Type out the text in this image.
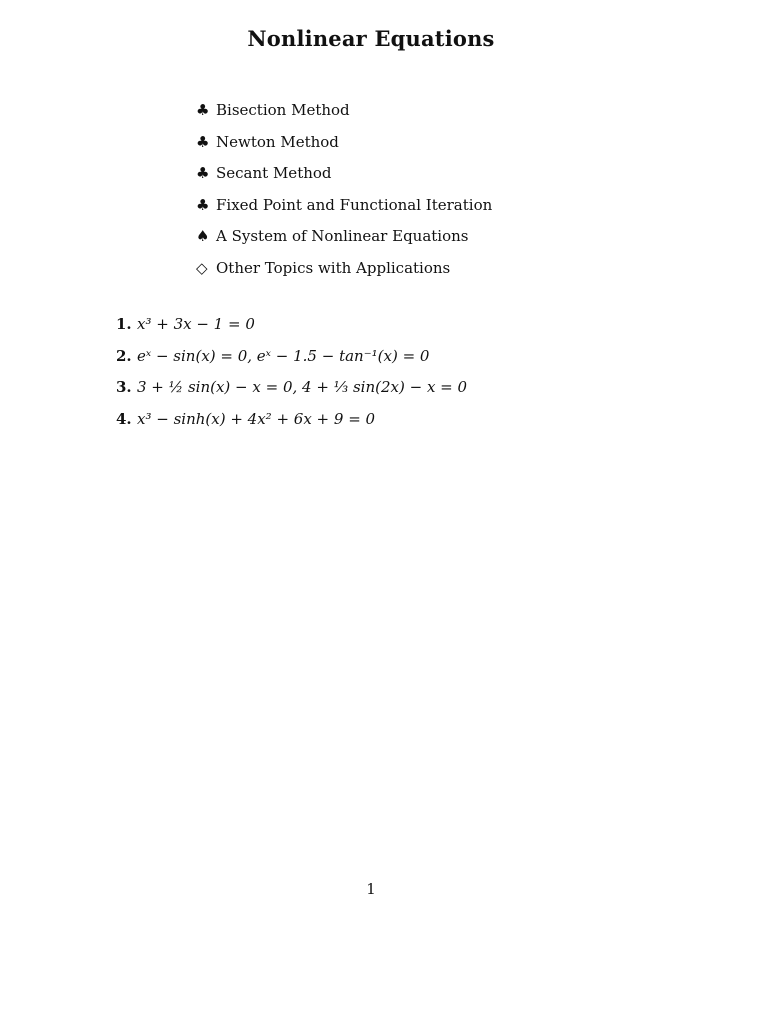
Nonlinear Equations
♣ Bisection Method
♣ Newton Method
♣ Secant Method
♣ Fixed Point and Functional Iteration
♠ A System of Nonlinear Equations
◇ Other Topics with Applications
1. x³ + 3x − 1 = 0
2. eˣ − sin(x) = 0, eˣ − 1.5 − tan⁻¹(x) = 0
3. 3 + ½ sin(x) − x = 0, 4 + ⅓ sin(2x) − x = 0
4. x³ − sinh(x) + 4x² + 6x + 9 = 0
1
